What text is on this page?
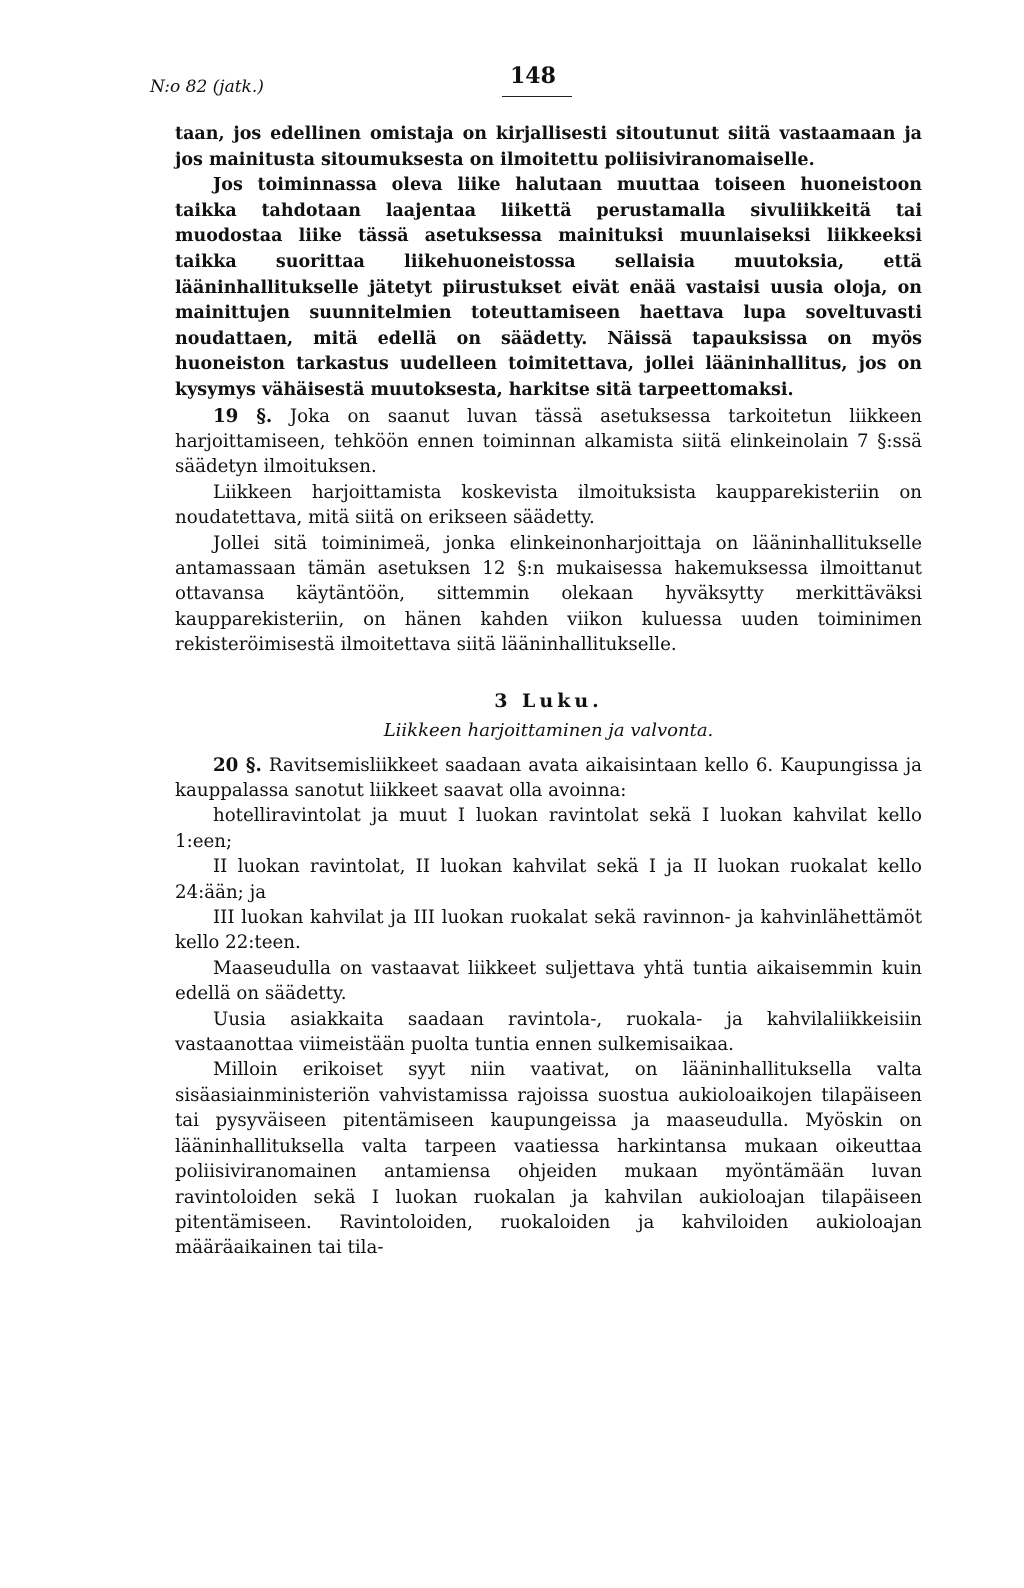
N:o 82 (jatk.)	148

taan, jos edellinen omistaja on kirjallisesti sitoutunut siitä vastaamaan ja jos mainitusta sitoumuksesta on ilmoitettu poliisiviranomaiselle.

Jos toiminnassa oleva liike halutaan muuttaa toiseen huoneistoon taikka tahdotaan laajentaa liikettä perustamalla sivuliikkeitä tai muodostaa liike tässä asetuksessa mainituksi muunlaiseksi liikkeeksi taikka suorittaa liikehuoneistossa sellaisia muutoksia, että lääninhallitukselle jätetyt piirustukset eivät enää vastaisi uusia oloja, on mainittujen suunnitelmien toteuttamiseen haettava lupa soveltuvasti noudattaen, mitä edellä on säädetty. Näissä tapauksissa on myös huoneiston tarkastus uudelleen toimitettava, jollei lääninhallitus, jos on kysymys vähäisestä muutoksesta, harkitse sitä tarpeettomaksi.

19 §. Joka on saanut luvan tässä asetuksessa tarkoitetun liikkeen harjoittamiseen, tehköön ennen toiminnan alkamista siitä elinkeinolain 7 §:ssä säädetyn ilmoituksen.

Liikkeen harjoittamista koskevista ilmoituksista kaupparekisteriin on noudatettava, mitä siitä on erikseen säädetty.

Jollei sitä toiminimeä, jonka elinkeinonharjoittaja on lääninhallitukselle antamassaan tämän asetuksen 12 §:n mukaisessa hakemuksessa ilmoittanut ottavansa käytäntöön, sittemmin olekaan hyväksytty merkittäväksi kaupparekisteriin, on hänen kahden viikon kuluessa uuden toiminimen rekisteröimisestä ilmoitettava siitä lääninhallitukselle.

3 Luku.
Liikkeen harjoittaminen ja valvonta.

20 §. Ravitsemisliikkeet saadaan avata aikaisintaan kello 6. Kaupungissa ja kauppalassa sanotut liikkeet saavat olla avoinna:

hotelliravintolat ja muut I luokan ravintolat sekä I luokan kahvilat kello 1:een;

II luokan ravintolat, II luokan kahvilat sekä I ja II luokan ruokalat kello 24:ään; ja

III luokan kahvilat ja III luokan ruokalat sekä ravinnon- ja kahvinlähettämöt kello 22:teen.

Maaseudulla on vastaavat liikkeet suljettava yhtä tuntia aikaisemmin kuin edellä on säädetty.

Uusia asiakkaita saadaan ravintola-, ruokala- ja kahvilaliikkeisiin vastaanottaa viimeistään puolta tuntia ennen sulkemisaikaa.

Milloin erikoiset syyt niin vaativat, on lääninhallituksella valta sisäasiainministeriön vahvistamissa rajoissa suostua aukioloaikojen tilapäiseen tai pysyväiseen pitentämiseen kaupungeissa ja maaseudulla. Myöskin on lääninhallituksella valta tarpeen vaatiessa harkintansa mukaan oikeuttaa poliisiviranomainen antamiensa ohjeiden mukaan myöntämään luvan ravintoloiden sekä I luokan ruokalan ja kahvilan aukioloajan tilapäiseen pitentämiseen. Ravintoloiden, ruokaloiden ja kahviloiden aukioloajan määräaikainen tai tila-
